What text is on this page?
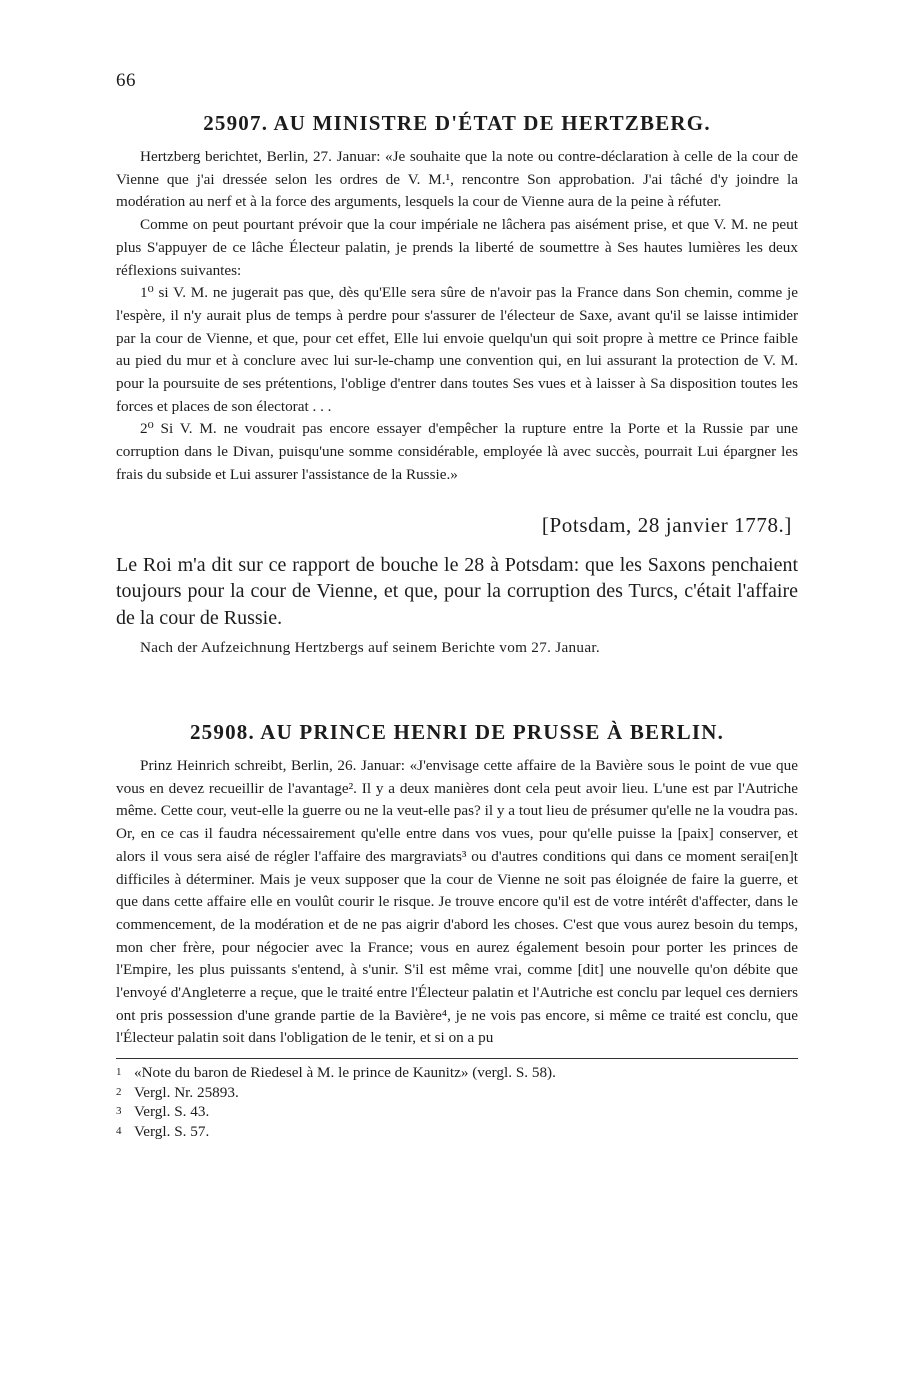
66
25907. AU MINISTRE D'ÉTAT DE HERTZBERG.

Hertzberg berichtet, Berlin, 27. Januar: «Je souhaite que la note ou contre-déclaration à celle de la cour de Vienne que j'ai dressée selon les ordres de V. M.¹, rencontre Son approbation. J'ai tâché d'y joindre la modération au nerf et à la force des arguments, lesquels la cour de Vienne aura de la peine à réfuter.

Comme on peut pourtant prévoir que la cour impériale ne lâchera pas aisément prise, et que V. M. ne peut plus S'appuyer de ce lâche Électeur palatin, je prends la liberté de soumettre à Ses hautes lumières les deux réflexions suivantes:

1⁰ si V. M. ne jugerait pas que, dès qu'Elle sera sûre de n'avoir pas la France dans Son chemin, comme je l'espère, il n'y aurait plus de temps à perdre pour s'assurer de l'électeur de Saxe, avant qu'il se laisse intimider par la cour de Vienne, et que, pour cet effet, Elle lui envoie quelqu'un qui soit propre à mettre ce Prince faible au pied du mur et à conclure avec lui sur-le-champ une convention qui, en lui assurant la protection de V. M. pour la poursuite de ses prétentions, l'oblige d'entrer dans toutes Ses vues et à laisser à Sa disposition toutes les forces et places de son électorat . . .

2⁰ Si V. M. ne voudrait pas encore essayer d'empêcher la rupture entre la Porte et la Russie par une corruption dans le Divan, puisqu'une somme considérable, employée là avec succès, pourrait Lui épargner les frais du subside et Lui assurer l'assistance de la Russie.»

[Potsdam, 28 janvier 1778.]

Le Roi m'a dit sur ce rapport de bouche le 28 à Potsdam: que les Saxons penchaient toujours pour la cour de Vienne, et que, pour la corruption des Turcs, c'était l'affaire de la cour de Russie.

Nach der Aufzeichnung Hertzbergs auf seinem Berichte vom 27. Januar.

25908. AU PRINCE HENRI DE PRUSSE À BERLIN.

Prinz Heinrich schreibt, Berlin, 26. Januar: «J'envisage cette affaire de la Bavière sous le point de vue que vous en devez recueillir de l'avantage². Il y a deux manières dont cela peut avoir lieu. L'une est par l'Autriche même. Cette cour, veut-elle la guerre ou ne la veut-elle pas? il y a tout lieu de présumer qu'elle ne la voudra pas. Or, en ce cas il faudra nécessairement qu'elle entre dans vos vues, pour qu'elle puisse la [paix] conserver, et alors il vous sera aisé de régler l'affaire des margraviats³ ou d'autres conditions qui dans ce moment serai[en]t difficiles à déterminer. Mais je veux supposer que la cour de Vienne ne soit pas éloignée de faire la guerre, et que dans cette affaire elle en voulût courir le risque. Je trouve encore qu'il est de votre intérêt d'affecter, dans le commencement, de la modération et de ne pas aigrir d'abord les choses. C'est que vous aurez besoin du temps, mon cher frère, pour négocier avec la France; vous en aurez également besoin pour porter les princes de l'Empire, les plus puissants s'entend, à s'unir. S'il est même vrai, comme [dit] une nouvelle qu'on débite que l'envoyé d'Angleterre a reçue, que le traité entre l'Électeur palatin et l'Autriche est conclu par lequel ces derniers ont pris possession d'une grande partie de la Bavière⁴, je ne vois pas encore, si même ce traité est conclu, que l'Électeur palatin soit dans l'obligation de le tenir, et si on a pu

1 «Note du baron de Riedesel à M. le prince de Kaunitz» (vergl. S. 58).

2 Vergl. Nr. 25893.

3 Vergl. S. 43.

4 Vergl. S. 57.
